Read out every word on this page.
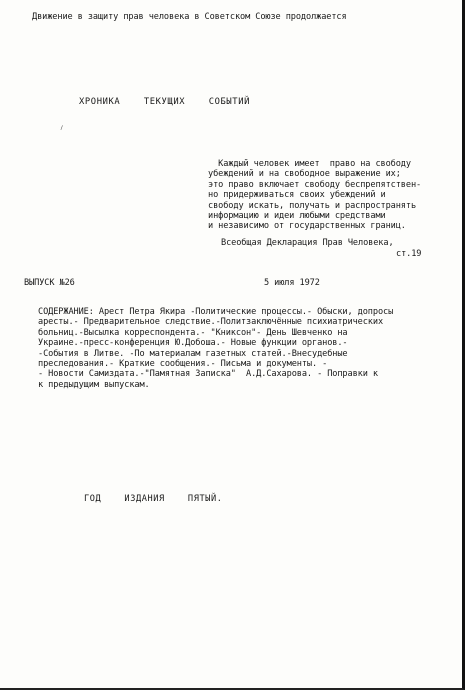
Движение в защиту прав человека в Советском Союзе продолжается
ХРОНИКА    ТЕКУЩИХ    СОБЫТИЙ
⸝
Каждый человек имеет  право на свободу
убеждений и на свободное выражение их;
это право включает свободу беспрепятствен-
но придерживаться своих убеждений и
свободу искать, получать и распространять
информацию и идеи любыми средствами
и независимо от государственных границ.
Всеобщая Декларация Прав Человека,
ст.19
ВЫПУСК №26	5 июля 1972
СОДЕРЖАНИЕ: Арест Петра Якира -Политические процессы.- Обыски, допросы
аресты.- Предварительное следствие.-Политзаключённые психиатрических
больниц.-Высылка корреспондента.- "Книксон"- День Шевченко на
Украине.-пресс-конференция Ю.Добоша.- Новые функции органов.-
-События в Литве. -По материалам газетных статей.-Внесудебные
преследования.- Краткие сообщения.- Письма и документы. -
- Новости Самиздата.-"Памятная Записка"  А.Д.Сахарова. - Поправки к
к предыдущим выпускам.
ГОД    ИЗДАНИЯ    ПЯТЫЙ.
